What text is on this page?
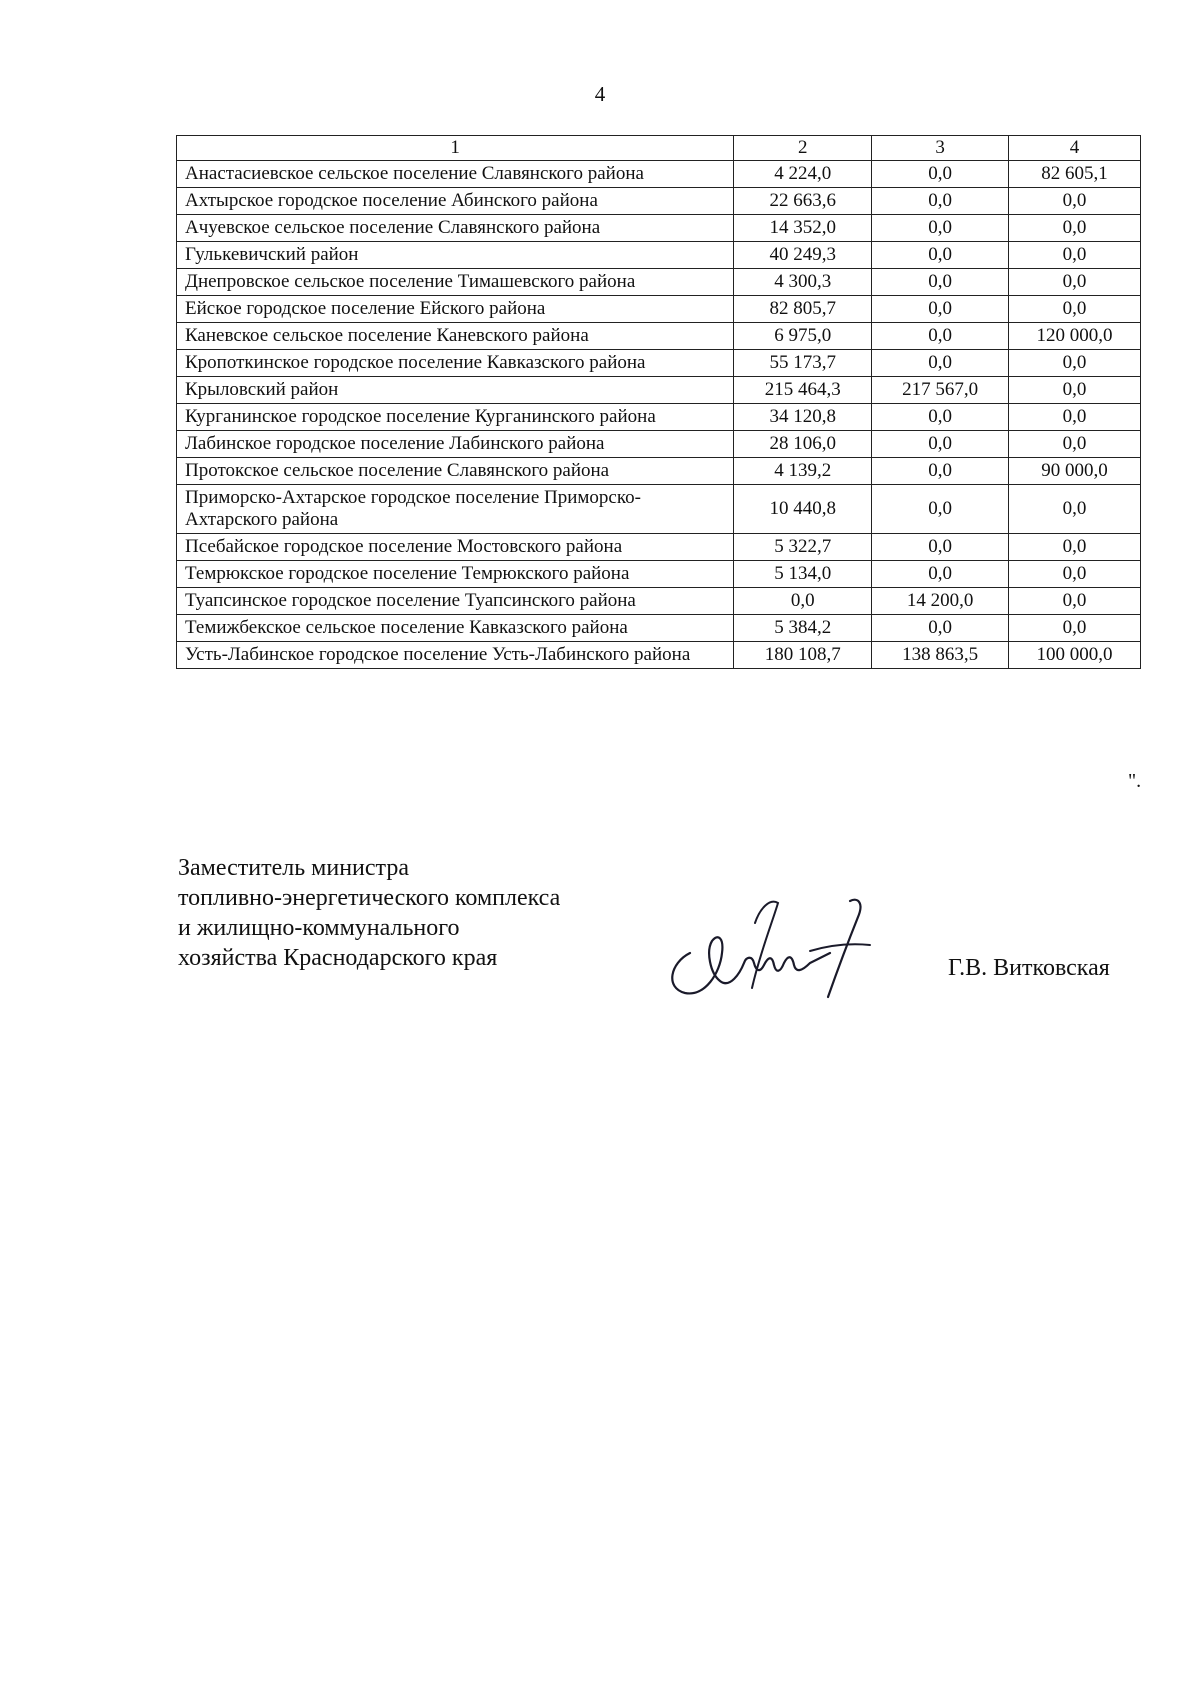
4
1	2	3	4
Анастасиевское сельское поселение Славянского района	4 224,0	0,0	82 605,1
Ахтырское городское поселение Абинского района	22 663,6	0,0	0,0
Ачуевское сельское поселение Славянского района	14 352,0	0,0	0,0
Гулькевичский район	40 249,3	0,0	0,0
Днепровское сельское поселение Тимашевского района	4 300,3	0,0	0,0
Ейское городское поселение Ейского района	82 805,7	0,0	0,0
Каневское сельское поселение Каневского района	6 975,0	0,0	120 000,0
Кропоткинское городское поселение Кавказского района	55 173,7	0,0	0,0
Крыловский район	215 464,3	217 567,0	0,0
Курганинское городское поселение Курганинского района	34 120,8	0,0	0,0
Лабинское городское поселение Лабинского района	28 106,0	0,0	0,0
Протокское сельское поселение Славянского района	4 139,2	0,0	90 000,0
Приморско-Ахтарское городское поселение Приморско-Ахтарского района	10 440,8	0,0	0,0
Псебайское городское поселение Мостовского района	5 322,7	0,0	0,0
Темрюкское городское поселение Темрюкского района	5 134,0	0,0	0,0
Туапсинское городское поселение Туапсинского района	0,0	14 200,0	0,0
Темижбекское сельское поселение Кавказского района	5 384,2	0,0	0,0
Усть-Лабинское городское поселение Усть-Лабинского района	180 108,7	138 863,5	100 000,0
".
Заместитель министра
топливно-энергетического комплекса
и жилищно-коммунального
хозяйства Краснодарского края	Г.В. Витковская
